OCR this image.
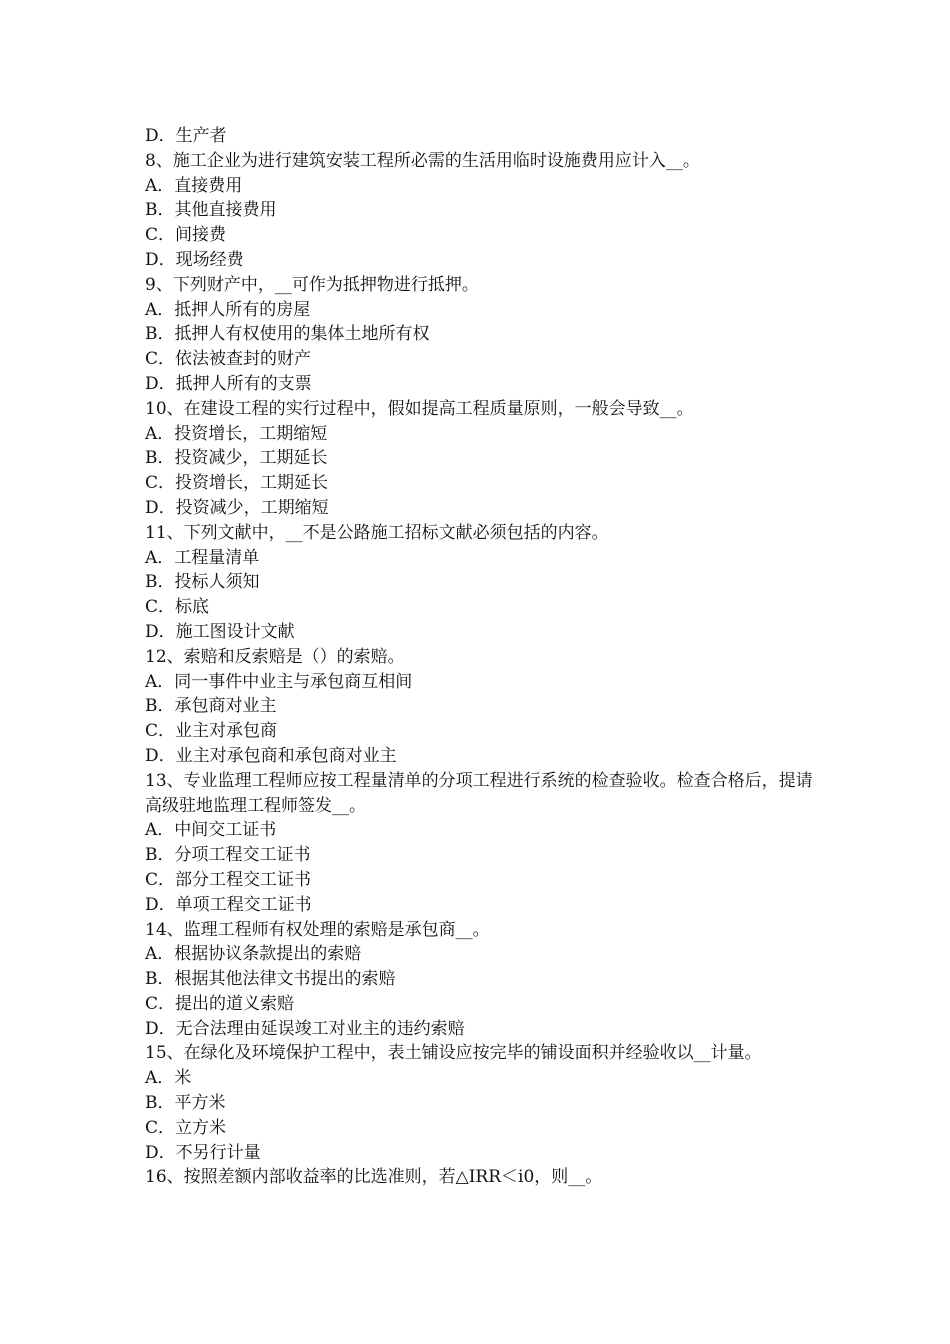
D．生产者

8、施工企业为进行建筑安装工程所必需的生活用临时设施费用应计入__。

A．直接费用

B．其他直接费用

C．间接费

D．现场经费

9、下列财产中，__可作为抵押物进行抵押。

A．抵押人所有的房屋

B．抵押人有权使用的集体土地所有权

C．依法被查封的财产

D．抵押人所有的支票

10、在建设工程的实行过程中，假如提高工程质量原则，一般会导致__。

A．投资增长，工期缩短

B．投资减少，工期延长

C．投资增长，工期延长

D．投资减少，工期缩短

11、下列文献中，__不是公路施工招标文献必须包括的内容。

A．工程量清单

B．投标人须知

C．标底

D．施工图设计文献

12、索赔和反索赔是（）的索赔。

A．同一事件中业主与承包商互相间

B．承包商对业主

C．业主对承包商

D．业主对承包商和承包商对业主

13、专业监理工程师应按工程量清单的分项工程进行系统的检查验收。检查合格后，提请高级驻地监理工程师签发__。

A．中间交工证书

B．分项工程交工证书

C．部分工程交工证书

D．单项工程交工证书

14、监理工程师有权处理的索赔是承包商__。

A．根据协议条款提出的索赔

B．根据其他法律文书提出的索赔

C．提出的道义索赔

D．无合法理由延误竣工对业主的违约索赔

15、在绿化及环境保护工程中，表土铺设应按完毕的铺设面积并经验收以__计量。

A．米

B．平方米

C．立方米

D．不另行计量

16、按照差额内部收益率的比选准则，若△IRR＜i0，则__。
